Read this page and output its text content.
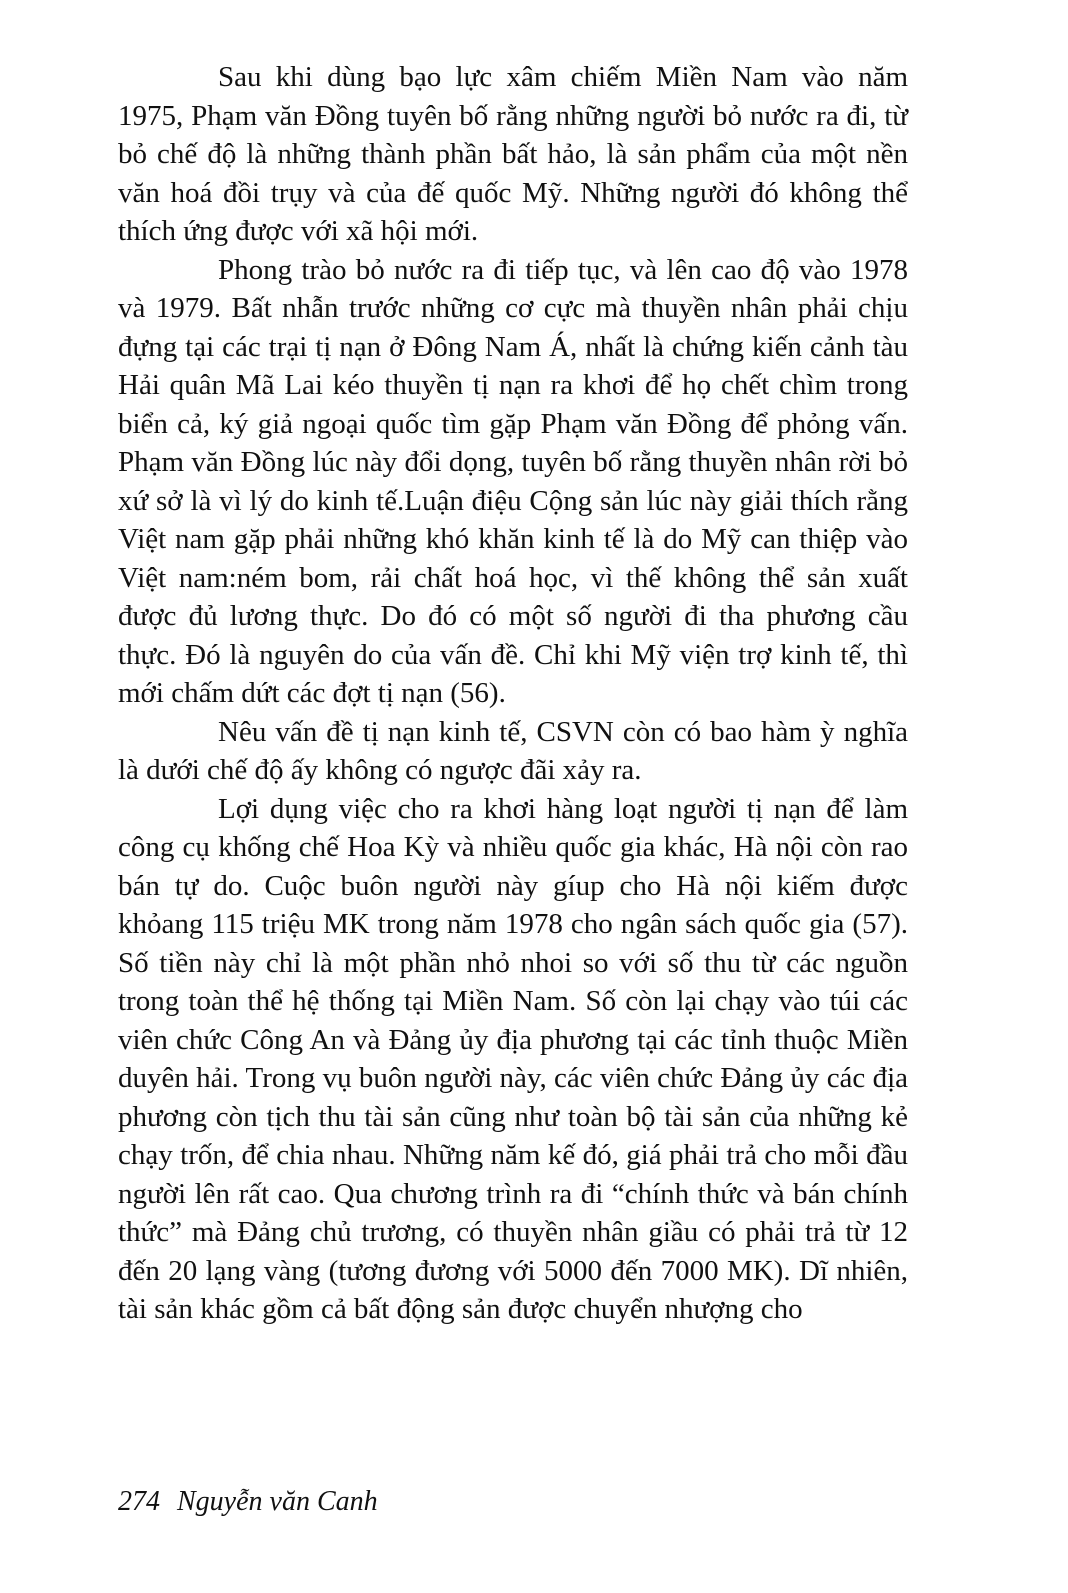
Sau khi dùng bạo lực xâm chiếm Miền Nam vào năm 1975, Phạm văn Đồng tuyên bố rằng những người bỏ nước ra đi, từ bỏ chế độ là những thành phần bất hảo, là sản phẩm của một nền văn hoá đồi trụy và của đế quốc Mỹ. Những người đó không thể thích ứng được với xã hội mới.

Phong trào bỏ nước ra đi tiếp tục, và lên cao độ vào 1978 và 1979. Bất nhẫn trước những cơ cực mà thuyền nhân phải chịu đựng tại các trại tị nạn ở Đông Nam Á, nhất là chứng kiến cảnh tàu Hải quân Mã Lai kéo thuyền tị nạn ra khơi để họ chết chìm trong biển cả, ký giả ngoại quốc tìm gặp Phạm văn Đồng để phỏng vấn. Phạm văn Đồng lúc này đổi dọng, tuyên bố rằng thuyền nhân rời bỏ xứ sở là vì lý do kinh tế.Luận điệu Cộng sản lúc này giải thích rằng Việt nam gặp phải những khó khăn kinh tế là do Mỹ can thiệp vào Việt nam:ném bom, rải chất hoá học, vì thế không thể sản xuất được đủ lương thực. Do đó có một số người đi tha phương cầu thực. Đó là nguyên do của vấn đề. Chỉ khi Mỹ viện trợ kinh tế, thì mới chấm dứt các đợt tị nạn (56).

Nêu vấn đề tị nạn kinh tế, CSVN còn có bao hàm ỳ nghĩa là dưới chế độ ấy không có ngược đãi xảy ra.

Lợi dụng việc cho ra khơi hàng loạt người tị nạn để làm công cụ khống chế Hoa Kỳ và nhiều quốc gia khác, Hà nội còn rao bán tự do. Cuộc buôn người này gíup cho Hà nội kiếm được khỏang 115 triệu MK trong năm 1978 cho ngân sách quốc gia (57). Số tiền này chỉ là một phần nhỏ nhoi so với số thu từ các nguồn trong toàn thể hệ thống tại Miền Nam. Số còn lại chạy vào túi các viên chức Công An và Đảng ủy địa phương tại các tỉnh thuộc Miền duyên hải. Trong vụ buôn người này, các viên chức Đảng ủy các địa phương còn tịch thu tài sản cũng như toàn bộ tài sản của những kẻ chạy trốn, để chia nhau. Những năm kế đó, giá phải trả cho mỗi đầu người lên rất cao. Qua chương trình ra đi “chính thức và bán chính thức” mà Đảng chủ trương, có thuyền nhân giầu có phải trả từ 12 đến 20 lạng vàng (tương đương với 5000 đến 7000 MK). Dĩ nhiên, tài sản khác gồm cả bất động sản được chuyển nhượng cho

274 Nguyễn văn Canh
